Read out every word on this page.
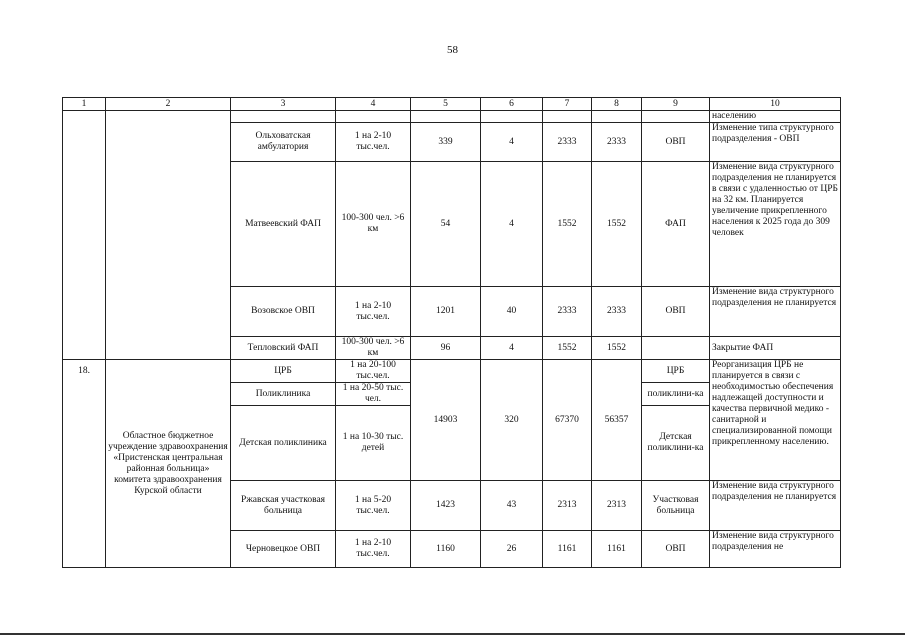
58
1	2	3	4	5	6	7	8	9	10
									населению
		Ольховатская амбулатория	1 на 2-10 тыс.чел.	339	4	2333	2333	ОВП	Изменение типа структурного подразделения - ОВП
		Матвеевский ФАП	100-300 чел. >6 км	54	4	1552	1552	ФАП	Изменение вида структурного подразделения не планируется в связи с удаленностью от ЦРБ на 32 км. Планируется увеличение прикрепленного населения к 2025 года до 309 человек
		Возовское ОВП	1 на 2-10 тыс.чел.	1201	40	2333	2333	ОВП	Изменение вида структурного подразделения не планируется
		Тепловский ФАП	100-300 чел. >6 км	96	4	1552	1552		Закрытие ФАП
18.	Областное бюджетное учреждение здравоохранения «Пристенская центральная районная больница» комитета здравоохранения Курской области	ЦРБ	1 на 20-100 тыс.чел.	14903	320	67370	56357	ЦРБ	Реорганизация ЦРБ не планируется в связи с необходимостью обеспечения надлежащей доступности и качества первичной медико - санитарной и специализированной помощи прикрепленному населению.
		Поликлиника	1 на 20-50 тыс. чел.					поликлини-ка	
		Детская поликлиника	1 на 10-30 тыс. детей					Детская поликлини-ка	
		Ржавская участковая больница	1 на 5-20 тыс.чел.	1423	43	2313	2313	Участковая больница	Изменение вида структурного подразделения не планируется
		Черновецкое ОВП	1 на 2-10 тыс.чел.	1160	26	1161	1161	ОВП	Изменение вида структурного подразделения не
